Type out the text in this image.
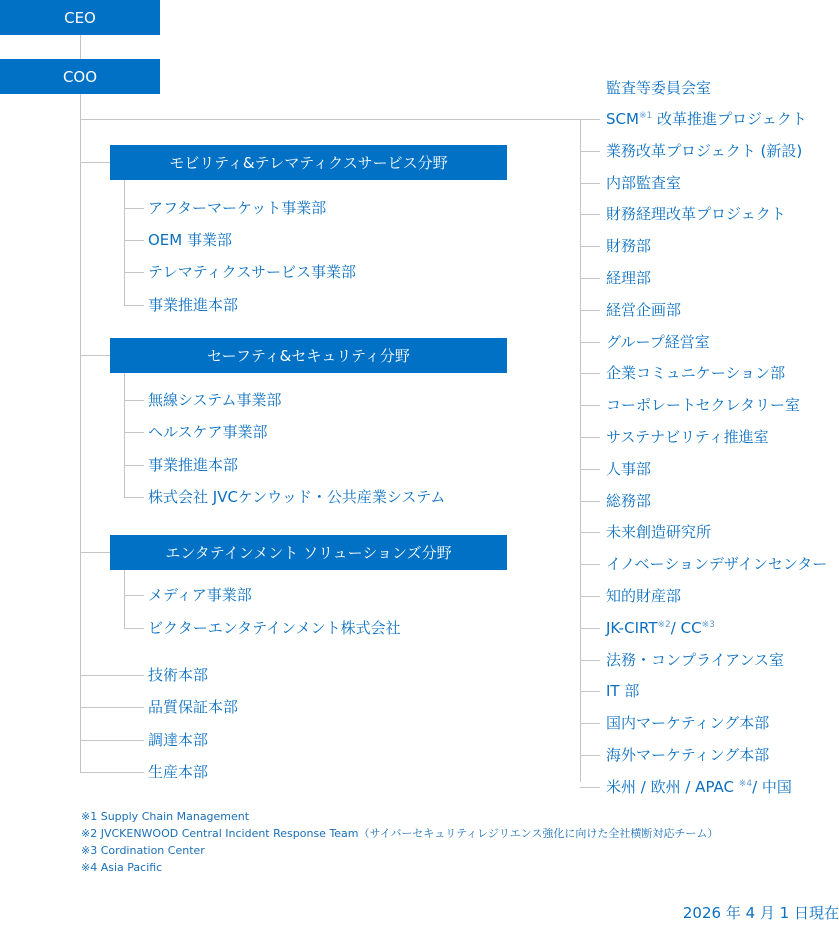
CEO
COO
モビリティ&テレマティクスサービス分野
アフターマーケット事業部
OEM 事業部
テレマティクスサービス事業部
事業推進本部
セーフティ&セキュリティ分野
無線システム事業部
ヘルスケア事業部
事業推進本部
株式会社 JVCケンウッド・公共産業システム
エンタテインメント ソリューションズ分野
メディア事業部
ビクターエンタテインメント株式会社
技術本部
品質保証本部
調達本部
生産本部
監査等委員会室
SCM$^{※1}$ 改革推進プロジェクト
業務改革プロジェクト (新設)
内部監査室
財務経理改革プロジェクト
財務部
経理部
経営企画部
グループ経営室
企業コミュニケーション部
コーポレートセクレタリー室
サステナビリティ推進室
人事部
総務部
未来創造研究所
イノベーションデザインセンター
知的財産部
JK-CIRT$^{※2}$/ CC$^{※3}$
法務・コンプライアンス室
IT 部
国内マーケティング本部
海外マーケティング本部
米州 / 欧州 / APAC $^{※4}$/ 中国
※1 Supply Chain Management
※2 JVCKENWOOD Central Incident Response Team（サイバーセキュリティレジリエンス強化に向けた全社横断対応チーム）
※3 Cordination Center
※4 Asia Pacific
2026 年 4 月 1 日現在
